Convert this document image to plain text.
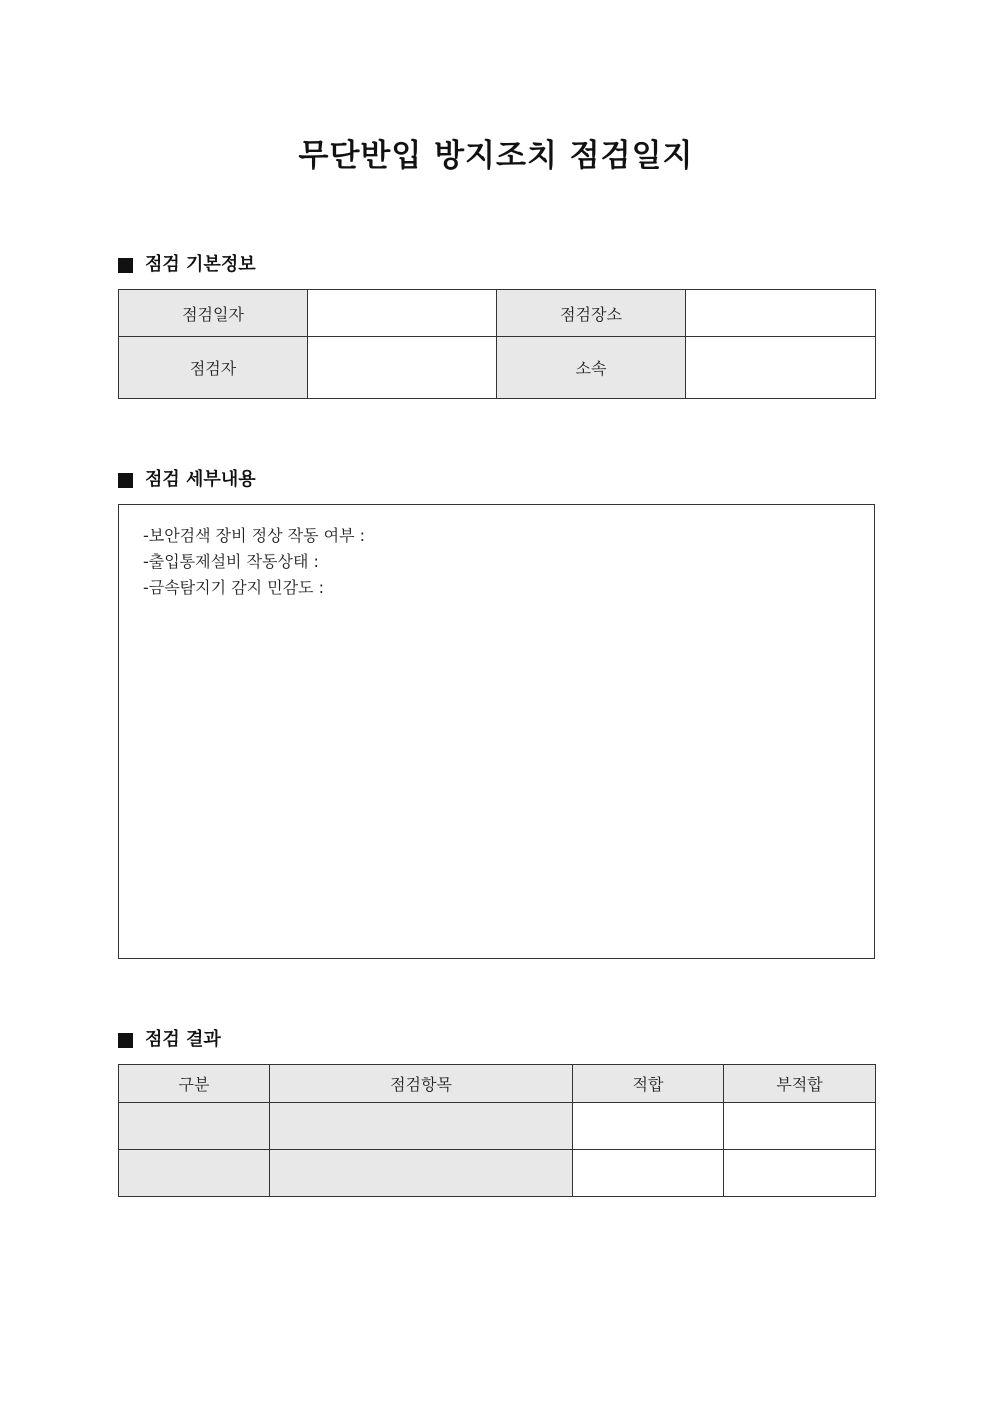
무단반입 방지조치 점검일지
점검 기본정보
점검일자		점검장소	
점검자		소속	
점검 세부내용
-보안검색 장비 정상 작동 여부 :
-출입통제설비 작동상태 :
-금속탐지기 감지 민감도 :
점검 결과
구분	점검항목	적합	부적합
